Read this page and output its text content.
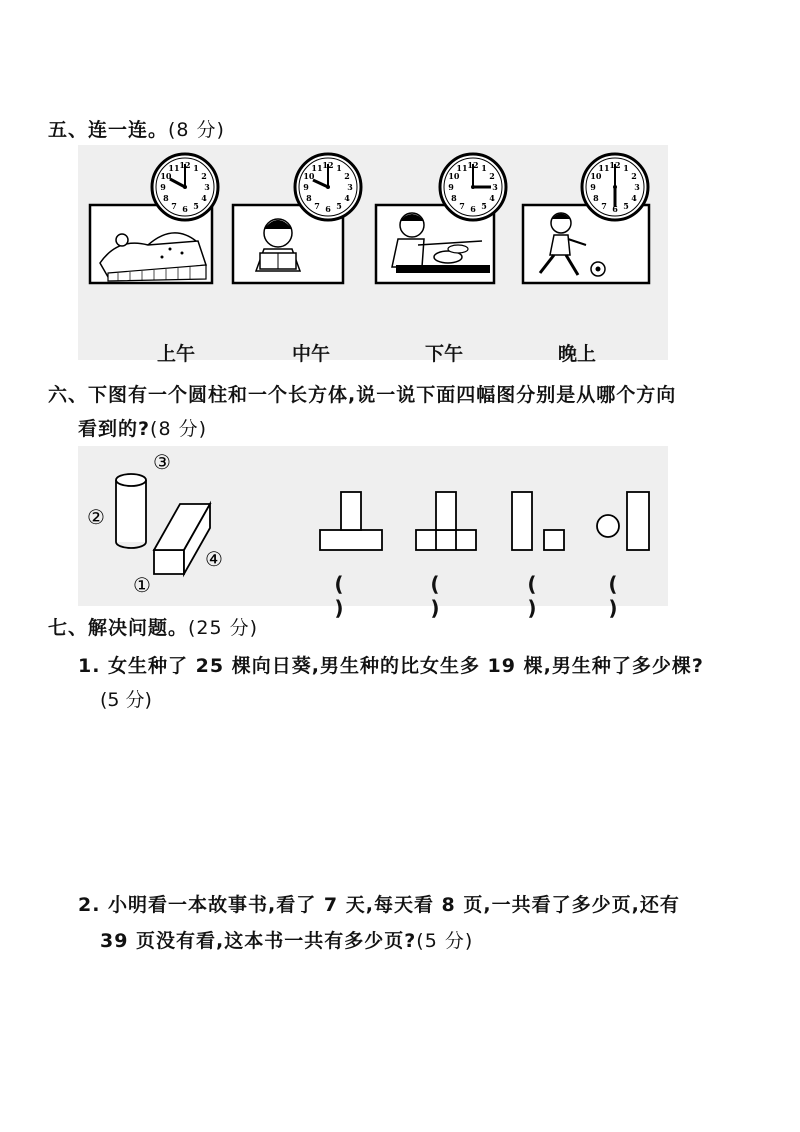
五、连一连。(8 分)
12 1
2
3
4
5
6
7
8
9
10
11	12 1
2
3
4
5
6
7
8
9
10
11	12 1
2
3
4
5
6
7
8
9
10
11	12 1
2
3
4
5
6
7
8
9
10
11
上午	中午	下午	晚上
六、下图有一个圆柱和一个长方体,说一说下面四幅图分别是从哪个方向
看到的?(8 分)
③
②
④
①	( )
( )
( )
( )
七、解决问题。(25 分)
1. 女生种了 25 棵向日葵,男生种的比女生多 19 棵,男生种了多少棵?
(5 分)
2. 小明看一本故事书,看了 7 天,每天看 8 页,一共看了多少页,还有
39 页没有看,这本书一共有多少页?(5 分)
